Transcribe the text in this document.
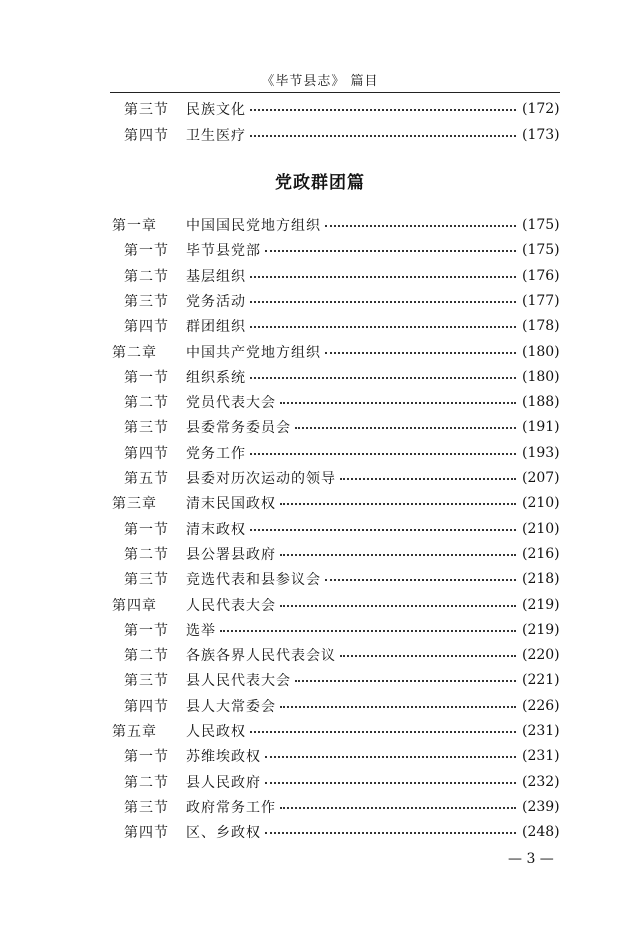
《毕节县志》 篇目
第三节 民族文化	(172)
第四节 卫生医疗	(173)
党政群团篇
第一章 中国国民党地方组织	(175)
第一节 毕节县党部	(175)
第二节 基层组织	(176)
第三节 党务活动	(177)
第四节 群团组织	(178)
第二章 中国共产党地方组织	(180)
第一节 组织系统	(180)
第二节 党员代表大会	(188)
第三节 县委常务委员会	(191)
第四节 党务工作	(193)
第五节 县委对历次运动的领导	(207)
第三章 清末民国政权	(210)
第一节 清末政权	(210)
第二节 县公署县政府	(216)
第三节 竞选代表和县参议会	(218)
第四章 人民代表大会	(219)
第一节 选举	(219)
第二节 各族各界人民代表会议	(220)
第三节 县人民代表大会	(221)
第四节 县人大常委会	(226)
第五章 人民政权	(231)
第一节 苏维埃政权	(231)
第二节 县人民政府	(232)
第三节 政府常务工作	(239)
第四节 区、乡政权	(248)
— 3 —
